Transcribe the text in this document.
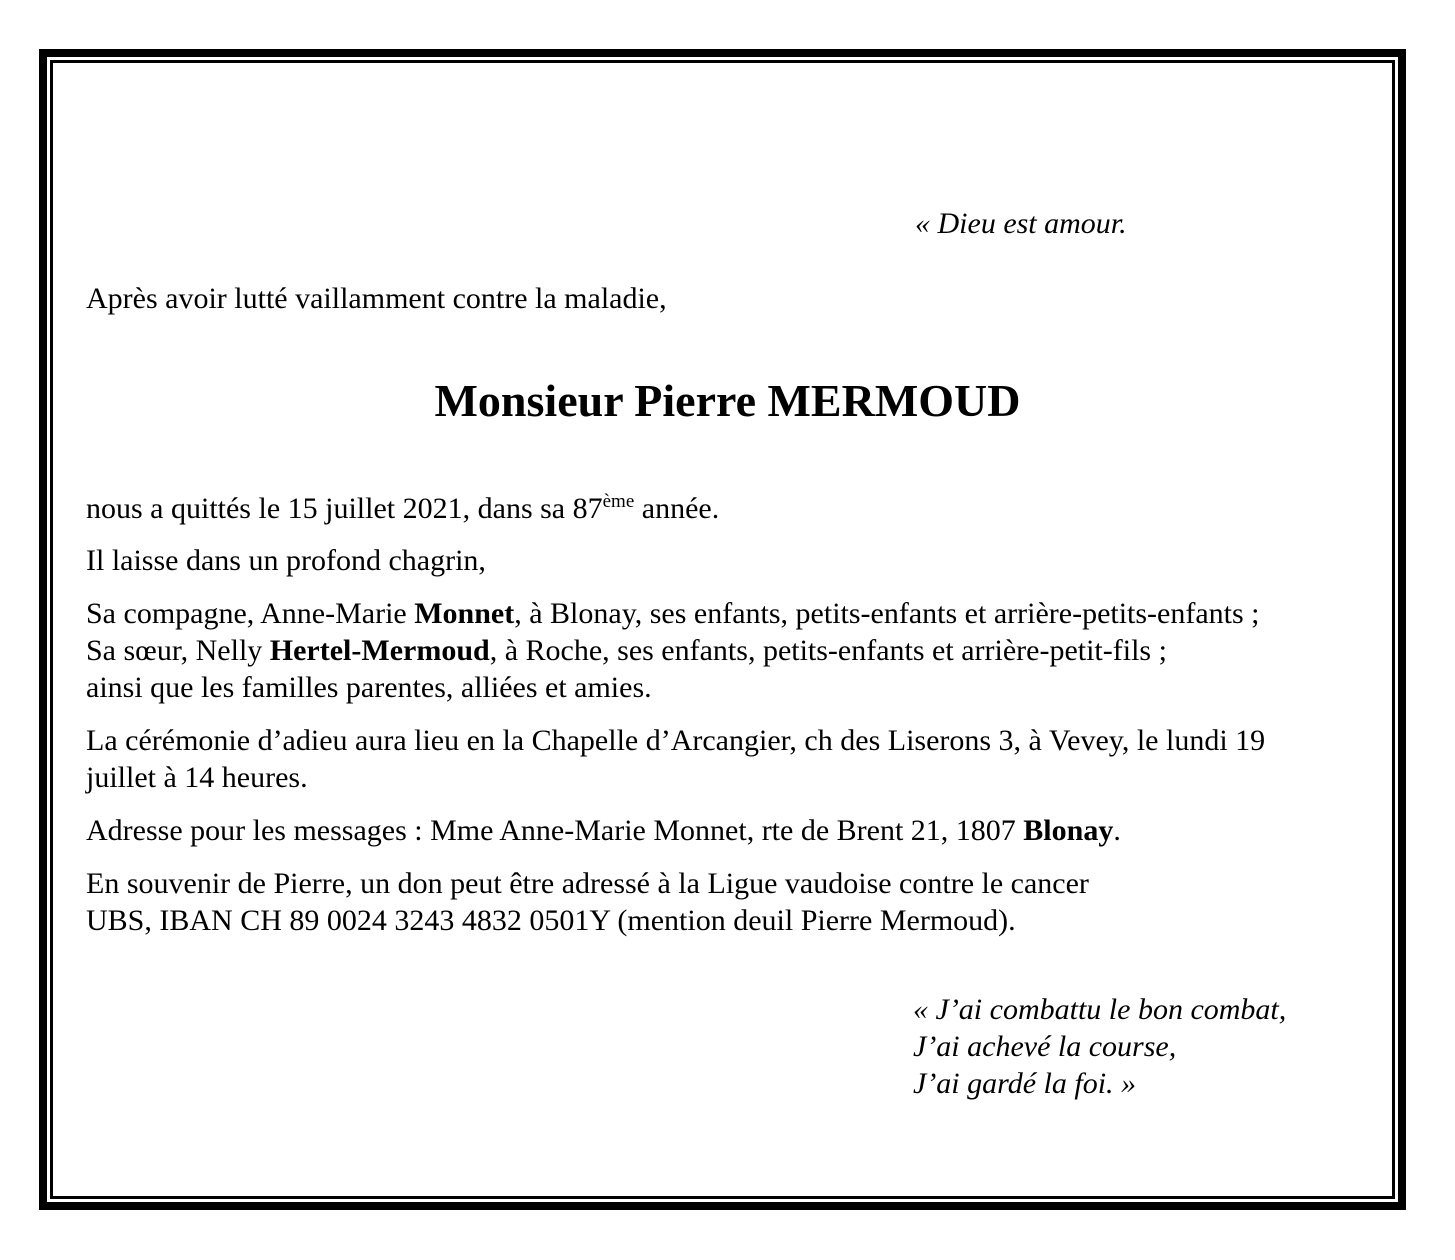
« Dieu est amour.
Après avoir lutté vaillamment contre la maladie,
Monsieur Pierre MERMOUD
nous a quittés le 15 juillet 2021, dans sa 87ème année.
Il laisse dans un profond chagrin,
Sa compagne, Anne-Marie Monnet, à Blonay, ses enfants, petits-enfants et arrière-petits-enfants ;
Sa sœur, Nelly Hertel-Mermoud, à Roche, ses enfants, petits-enfants et arrière-petit-fils ;
ainsi que les familles parentes, alliées et amies.
La cérémonie d’adieu aura lieu en la Chapelle d’Arcangier, ch des Liserons 3, à Vevey, le lundi 19
juillet à 14 heures.
Adresse pour les messages : Mme Anne-Marie Monnet, rte de Brent 21, 1807 Blonay.
En souvenir de Pierre, un don peut être adressé à la Ligue vaudoise contre le cancer
UBS, IBAN CH 89 0024 3243 4832 0501Y (mention deuil Pierre Mermoud).
« J’ai combattu le bon combat,
J’ai achevé la course,
J’ai gardé la foi. »
